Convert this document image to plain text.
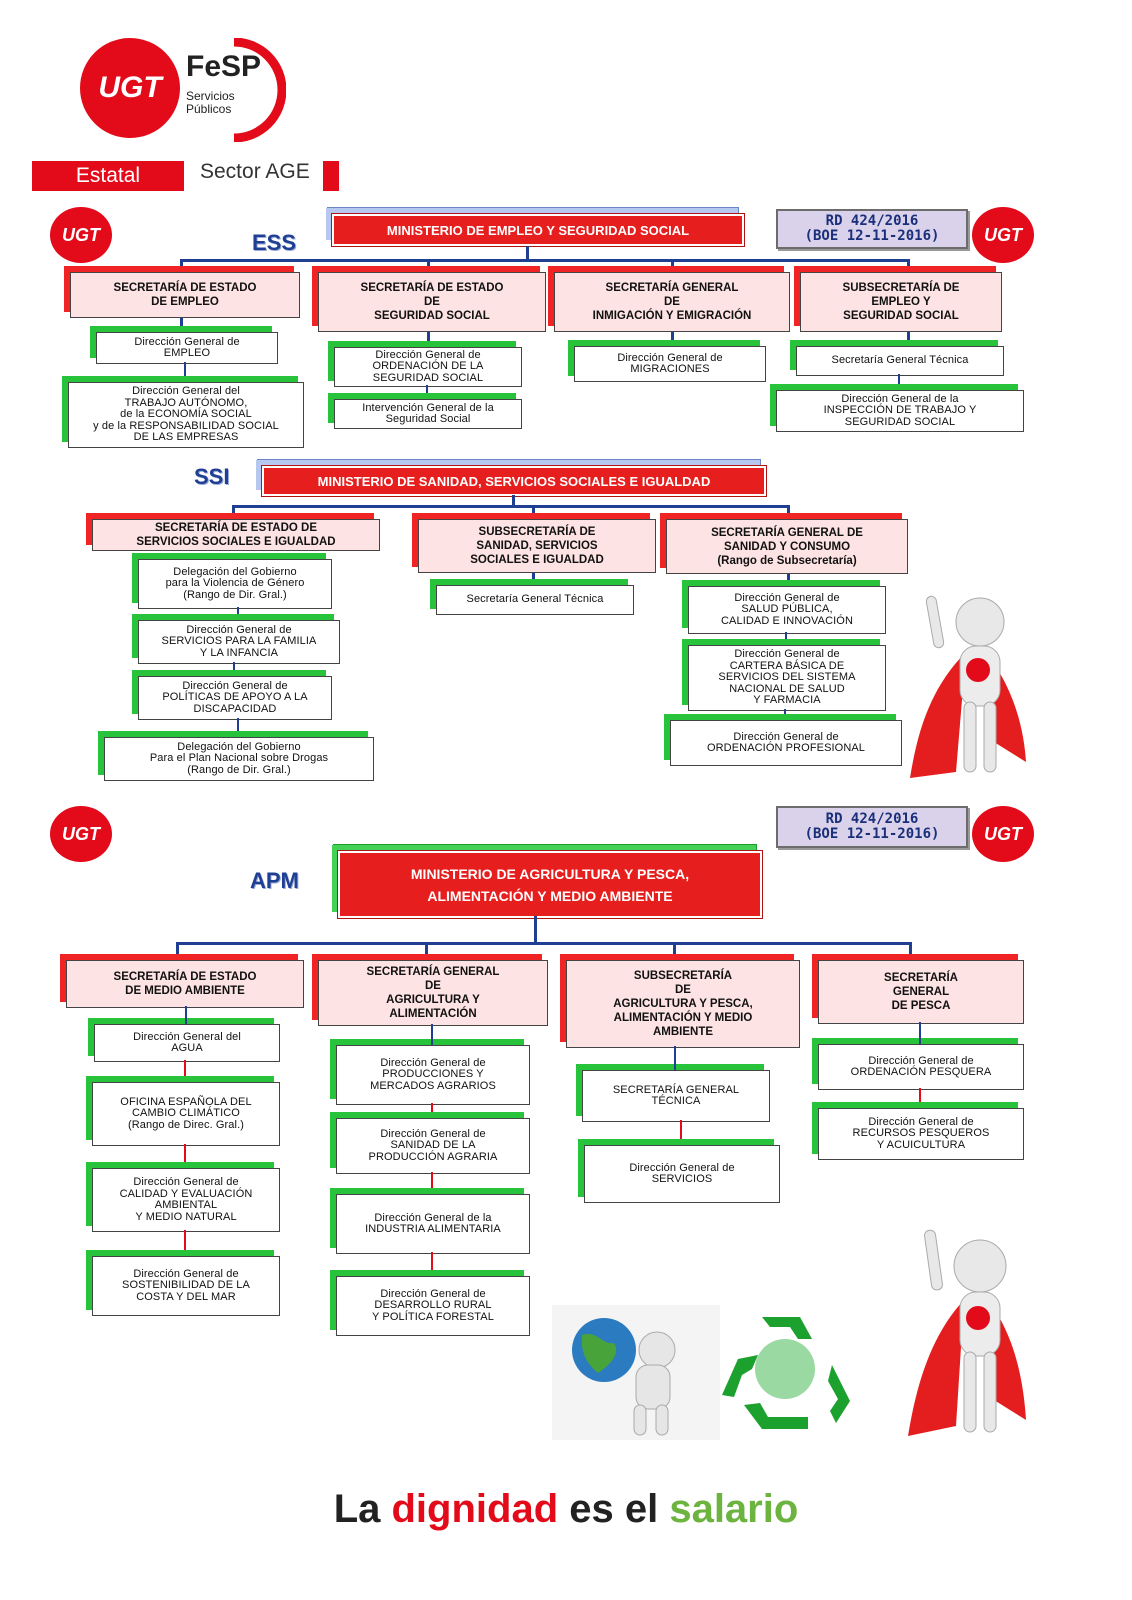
UGT
FeSP
Servicios
Públicos
Estatal	Sector AGE
UGT	UGT
UGT	UGT
ESS	MINISTERIO DE EMPLEO Y SEGURIDAD SOCIAL
RD 424/2016
(BOE 12-11-2016)
SSI	MINISTERIO DE SANIDAD, SERVICIOS SOCIALES E IGUALDAD
APM	MINISTERIO DE AGRICULTURA Y PESCA,
ALIMENTACIÓN Y MEDIO AMBIENTE
RD 424/2016
(BOE 12-11-2016)
La dignidad es el salario
SECRETARÍA DE ESTADO
DE EMPLEO
Dirección General de
EMPLEO
Dirección General del
TRABAJO AUTÓNOMO,
de la ECONOMÍA SOCIAL
y de la RESPONSABILIDAD SOCIAL
DE LAS EMPRESAS
SECRETARÍA DE ESTADO
DE
SEGURIDAD SOCIAL
Dirección General de
ORDENACIÓN DE LA
SEGURIDAD SOCIAL
Intervención General de la
Seguridad Social
SECRETARÍA GENERAL
DE
INMIGACIÓN Y EMIGRACIÓN
Dirección General de
MIGRACIONES
SUBSECRETARÍA DE
EMPLEO Y
SEGURIDAD SOCIAL
Secretaría General Técnica
Dirección General de la
INSPECCIÓN DE TRABAJO Y
SEGURIDAD SOCIAL
SECRETARÍA DE ESTADO DE
SERVICIOS SOCIALES E IGUALDAD
Delegación del Gobierno
para la Violencia de Género
(Rango de Dir. Gral.)
Dirección General de
SERVICIOS PARA LA FAMILIA
Y LA INFANCIA
Dirección General de
POLÍTICAS DE APOYO A LA
DISCAPACIDAD
Delegación del Gobierno
Para el Plan Nacional sobre Drogas
(Rango de Dir. Gral.)
SUBSECRETARÍA DE
SANIDAD, SERVICIOS
SOCIALES E IGUALDAD
Secretaría General Técnica
SECRETARÍA GENERAL DE
SANIDAD Y CONSUMO
(Rango de Subsecretaría)
Dirección General de
SALUD PÚBLICA,
CALIDAD E INNOVACIÓN
Dirección General de
CARTERA BÁSICA DE
SERVICIOS DEL SISTEMA
NACIONAL DE SALUD
Y FARMACIA
Dirección General de
ORDENACIÓN PROFESIONAL
SECRETARÍA DE ESTADO
DE MEDIO AMBIENTE
Dirección General del
AGUA
OFICINA ESPAÑOLA DEL
CAMBIO CLIMÁTICO
(Rango de Direc. Gral.)
Dirección General de
CALIDAD Y EVALUACIÓN
AMBIENTAL
Y MEDIO NATURAL
Dirección General de
SOSTENIBILIDAD DE LA
COSTA Y DEL MAR
SECRETARÍA GENERAL
DE
AGRICULTURA Y
ALIMENTACIÓN
Dirección General de
PRODUCCIONES Y
MERCADOS AGRARIOS
Dirección General de
SANIDAD DE LA
PRODUCCIÓN AGRARIA
Dirección General de la
INDUSTRIA ALIMENTARIA
Dirección General de
DESARROLLO RURAL
Y POLÍTICA FORESTAL
SUBSECRETARÍA
DE
AGRICULTURA Y PESCA,
ALIMENTACIÓN Y MEDIO
AMBIENTE
SECRETARÍA GENERAL
TÉCNICA
Dirección General de
SERVICIOS
SECRETARÍA
GENERAL
DE PESCA
Dirección General de
ORDENACIÓN PESQUERA
Dirección General de
RECURSOS PESQUEROS
Y ACUICULTURA
